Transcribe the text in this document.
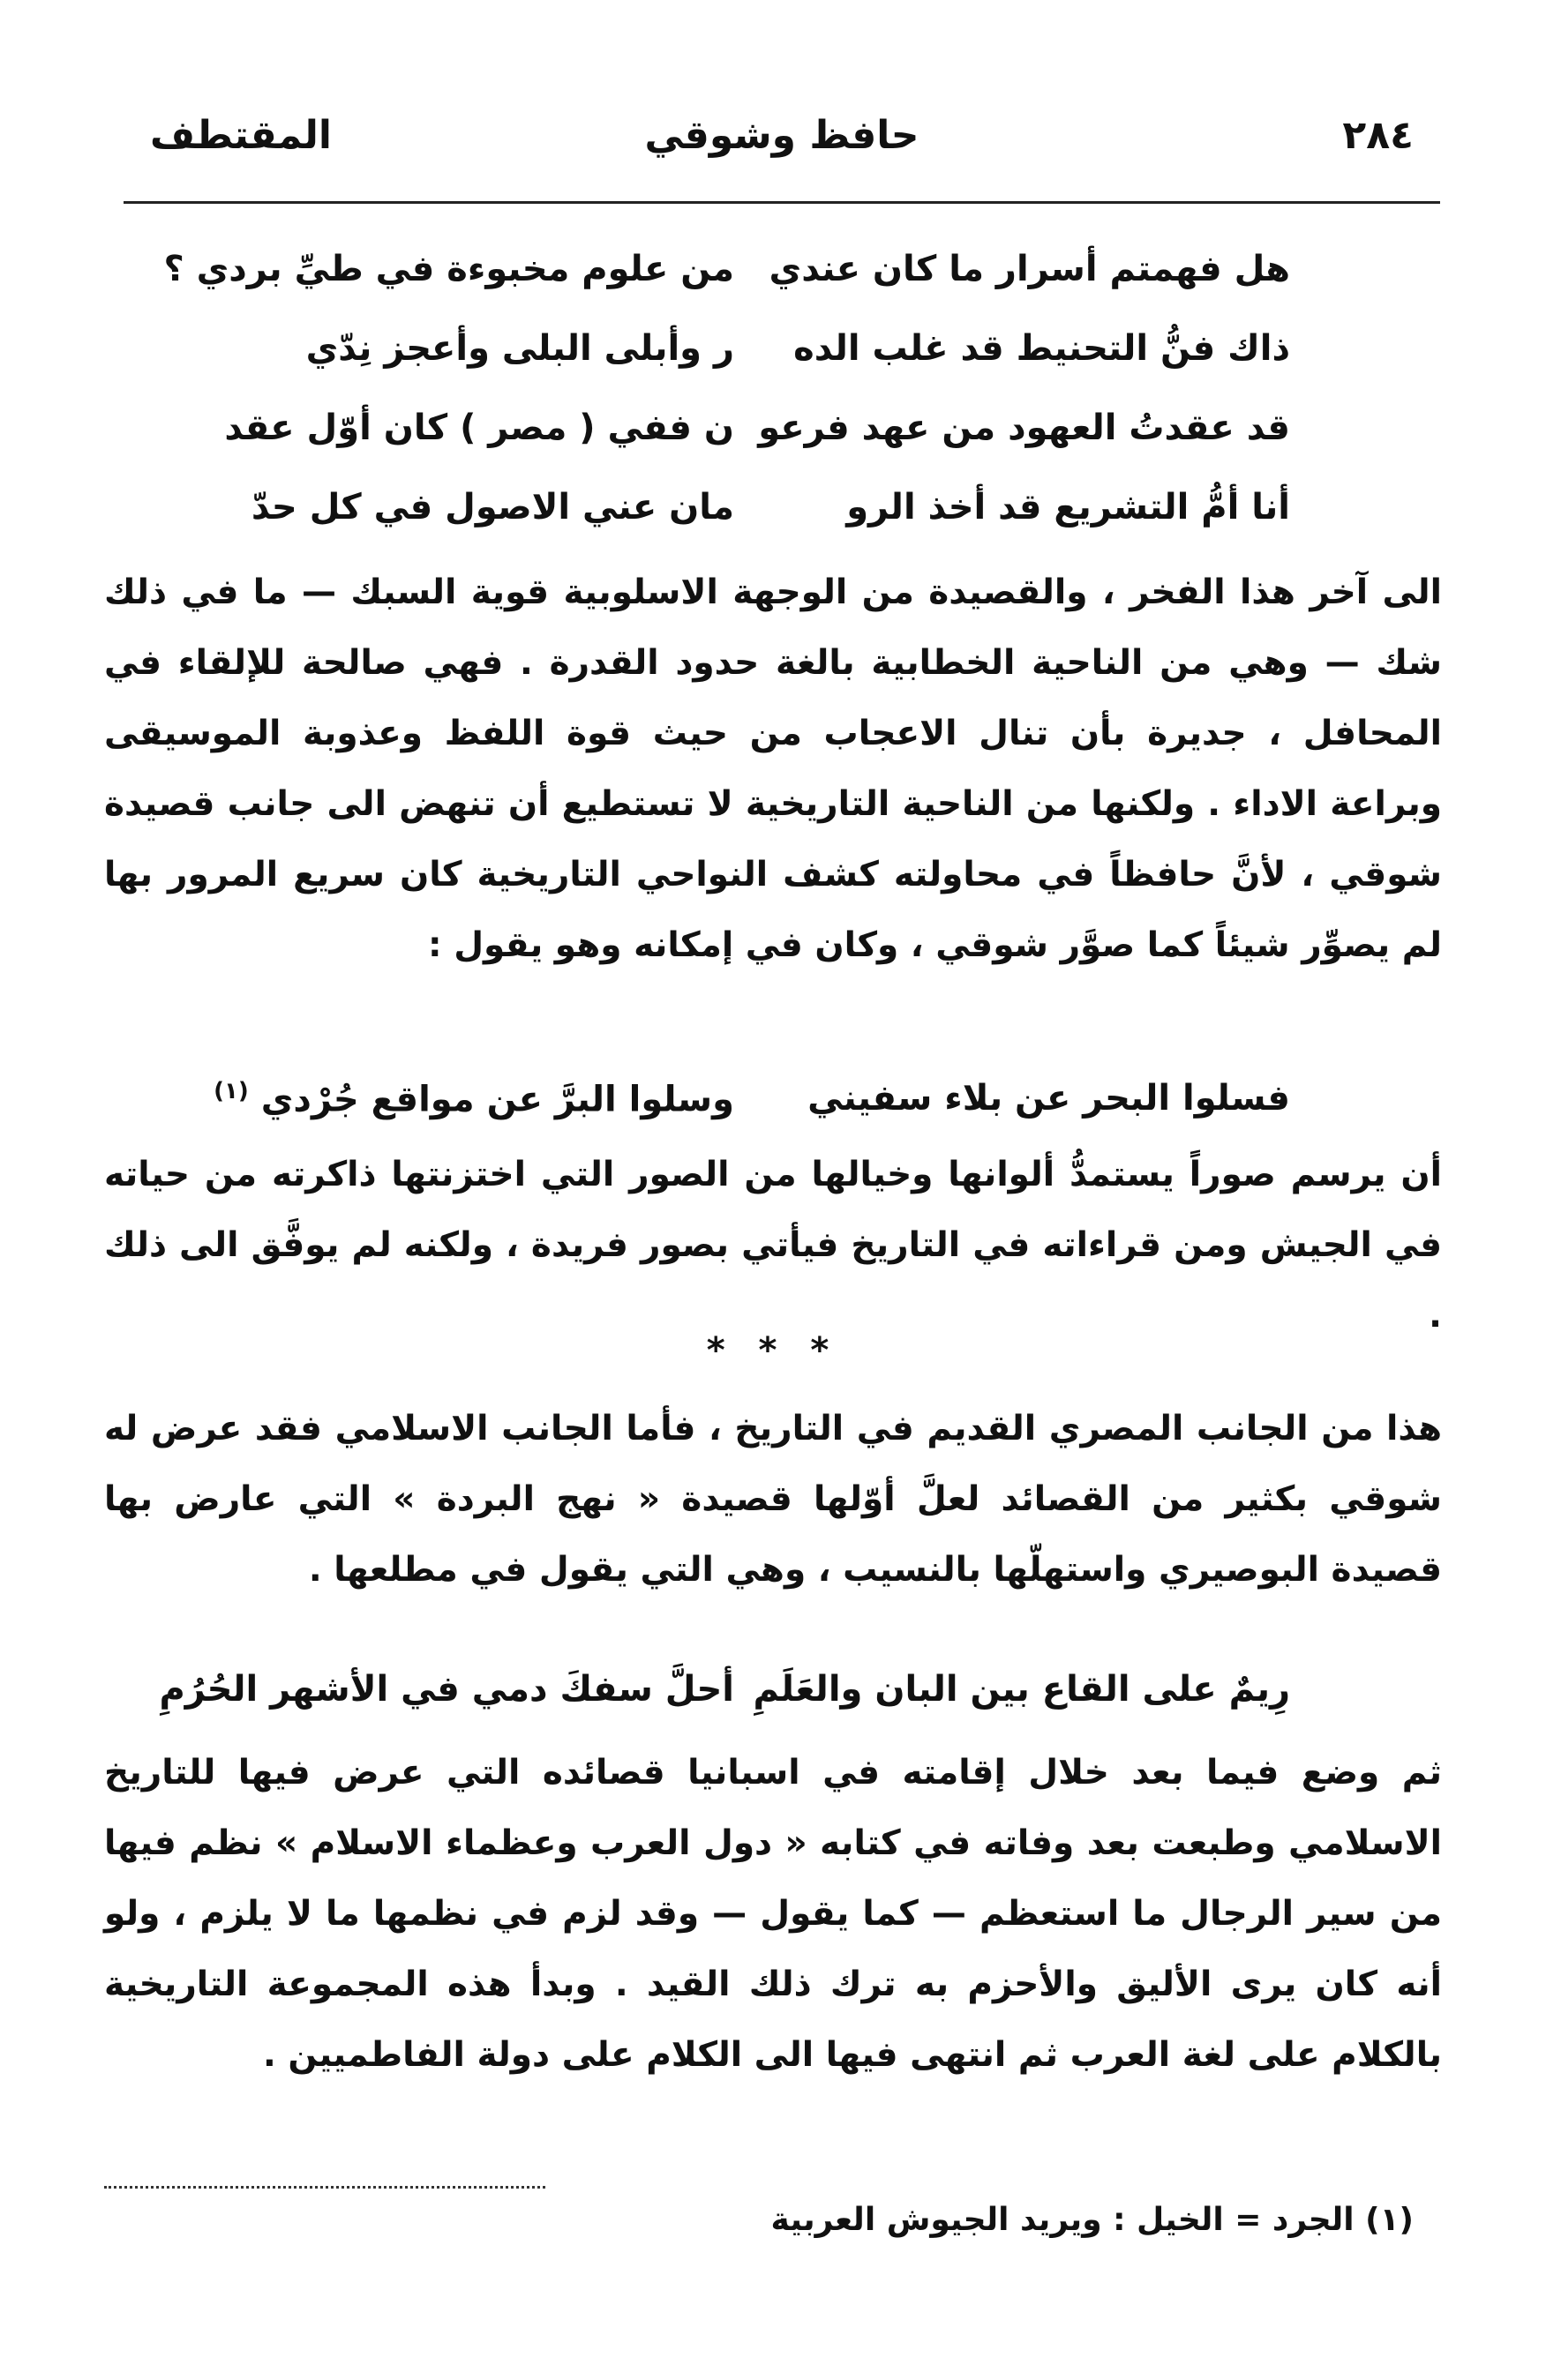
٢٨٤
حافظ وشوقي
المقتطف
هل فهمتم أسرار ما كان عندي
من علوم مخبوءة في طيِّ بردي ؟
ذاك فنُّ التحنيط قد غلب الده
ر وأبلى البلى وأعجز نِدّي
قد عقدتُ العهود من عهد فرعو
ن ففي ( مصر ) كان أوّل عقد
أنا أمُّ التشريع قد أخذ الرو
مان عني الاصول في كل حدّ

الى آخر هذا الفخر ، والقصيدة من الوجهة الاسلوبية قوية السبك — ما في ذلك شك — وهي من الناحية الخطابية بالغة حدود القدرة . فهي صالحة للإلقاء في المحافل ، جديرة بأن تنال الاعجاب من حيث قوة اللفظ وعذوبة الموسيقى وبراعة الاداء . ولكنها من الناحية التاريخية لا تستطيع أن تنهض الى جانب قصيدة شوقي ، لأنَّ حافظاً في محاولته كشف النواحي التاريخية كان سريع المرور بها لم يصوِّر شيئاً كما صوَّر شوقي ، وكان في إمكانه وهو يقول :

فسلوا البحر عن بلاء سفيني
وسلوا البرَّ عن مواقع جُرْدي $^{(١)}$

أن يرسم صوراً يستمدُّ ألوانها وخيالها من الصور التي اختزنتها ذاكرته من حياته في الجيش ومن قراءاته في التاريخ فيأتي بصور فريدة ، ولكنه لم يوفَّق الى ذلك .

* * *

هذا من الجانب المصري القديم في التاريخ ، فأما الجانب الاسلامي فقد عرض له شوقي بكثير من القصائد لعلَّ أوّلها قصيدة « نهج البردة » التي عارض بها قصيدة البوصيري واستهلّها بالنسيب ، وهي التي يقول في مطلعها .

رِيمٌ على القاع بين البان والعَلَمِ
أحلَّ سفكَ دمي في الأشهر الحُرُمِ

ثم وضع فيما بعد خلال إقامته في اسبانيا قصائده التي عرض فيها للتاريخ الاسلامي وطبعت بعد وفاته في كتابه « دول العرب وعظماء الاسلام » نظم فيها من سير الرجال ما استعظم — كما يقول — وقد لزم في نظمها ما لا يلزم ، ولو أنه كان يرى الأليق والأحزم به ترك ذلك القيد . وبدأ هذه المجموعة التاريخية بالكلام على لغة العرب ثم انتهى فيها الى الكلام على دولة الفاطميين .

(١) الجرد = الخيل : ويريد الجيوش العربية
